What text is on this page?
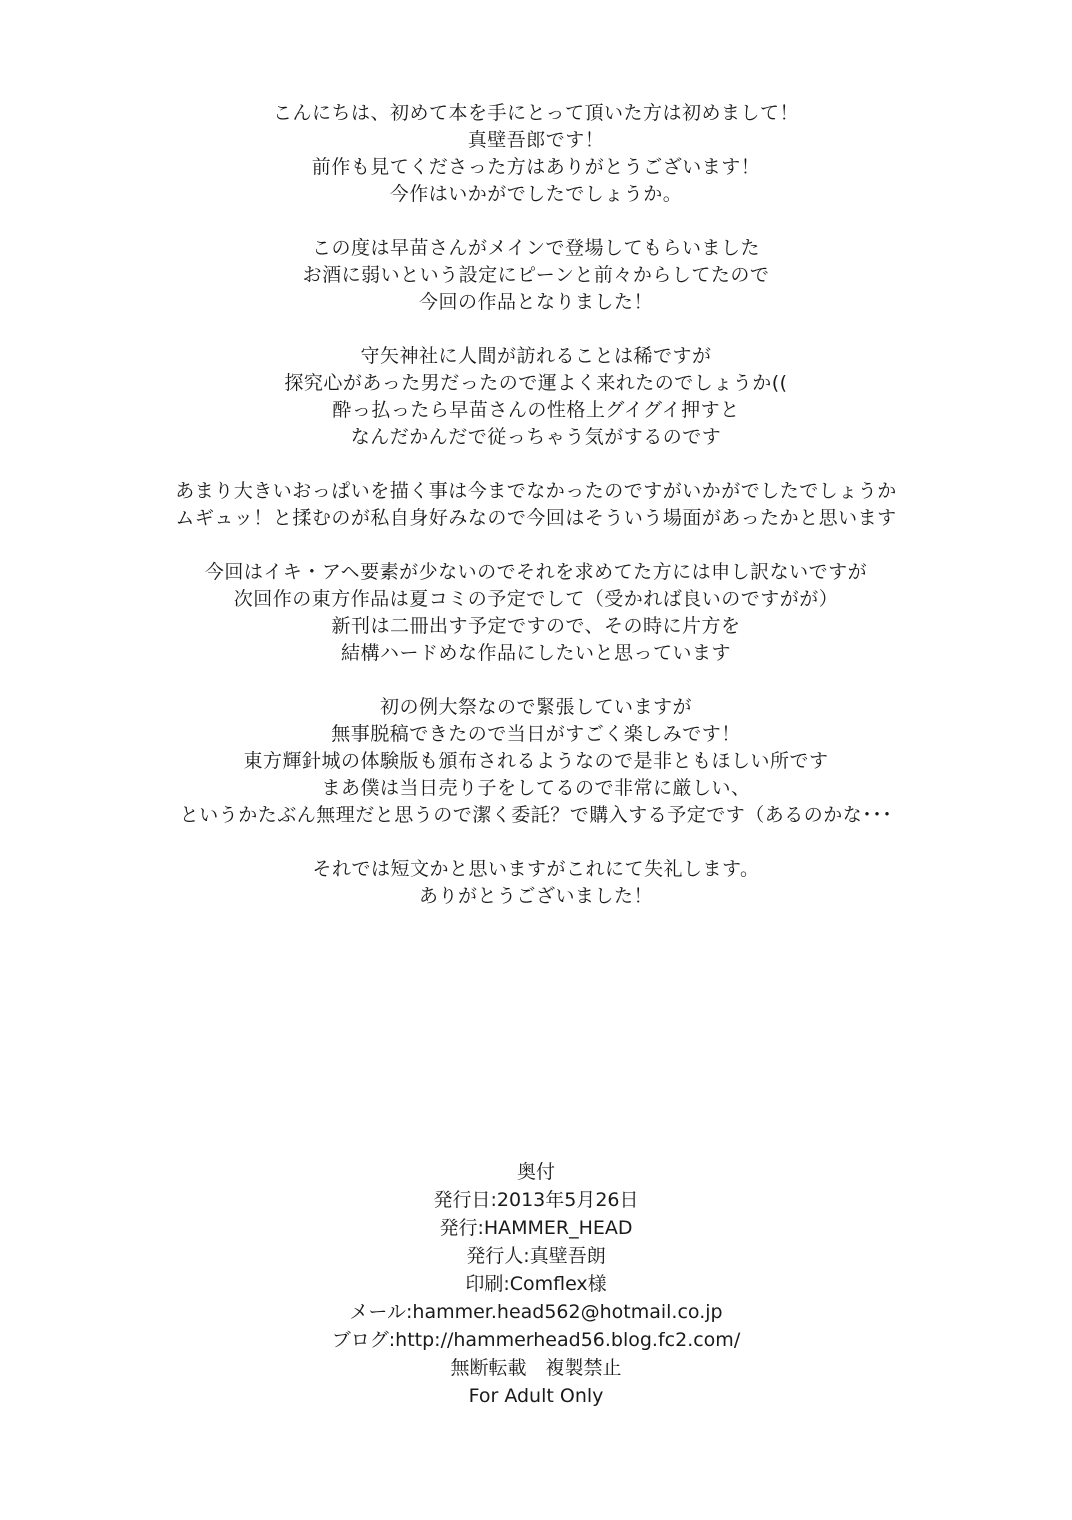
こんにちは、初めて本を手にとって頂いた方は初めまして！
真壁吾郎です！
前作も見てくださった方はありがとうございます！
今作はいかがでしたでしょうか。
この度は早苗さんがメインで登場してもらいました
お酒に弱いという設定にピーンと前々からしてたので
今回の作品となりました！
守矢神社に人間が訪れることは稀ですが
探究心があった男だったので運よく来れたのでしょうか((
酔っ払ったら早苗さんの性格上グイグイ押すと
なんだかんだで従っちゃう気がするのです
あまり大きいおっぱいを描く事は今までなかったのですがいかがでしたでしょうか
ムギュッ！と揉むのが私自身好みなので今回はそういう場面があったかと思います
今回はイキ・アヘ要素が少ないのでそれを求めてた方には申し訳ないですが
次回作の東方作品は夏コミの予定でして（受かれば良いのですがが）
新刊は二冊出す予定ですので、その時に片方を
結構ハードめな作品にしたいと思っています
初の例大祭なので緊張していますが
無事脱稿できたので当日がすごく楽しみです！
東方輝針城の体験版も頒布されるようなので是非ともほしい所です
まあ僕は当日売り子をしてるので非常に厳しい、
というかたぶん無理だと思うので潔く委託？で購入する予定です（あるのかな･･･
それでは短文かと思いますがこれにて失礼します。
ありがとうございました！
奥付
発行日:2013年5月26日
発行:HAMMER_HEAD
発行人:真壁吾朗
印刷:Comflex様
メール:hammer.head562@hotmail.co.jp
ブログ:http://hammerhead56.blog.fc2.com/
無断転載　複製禁止
For Adult Only
